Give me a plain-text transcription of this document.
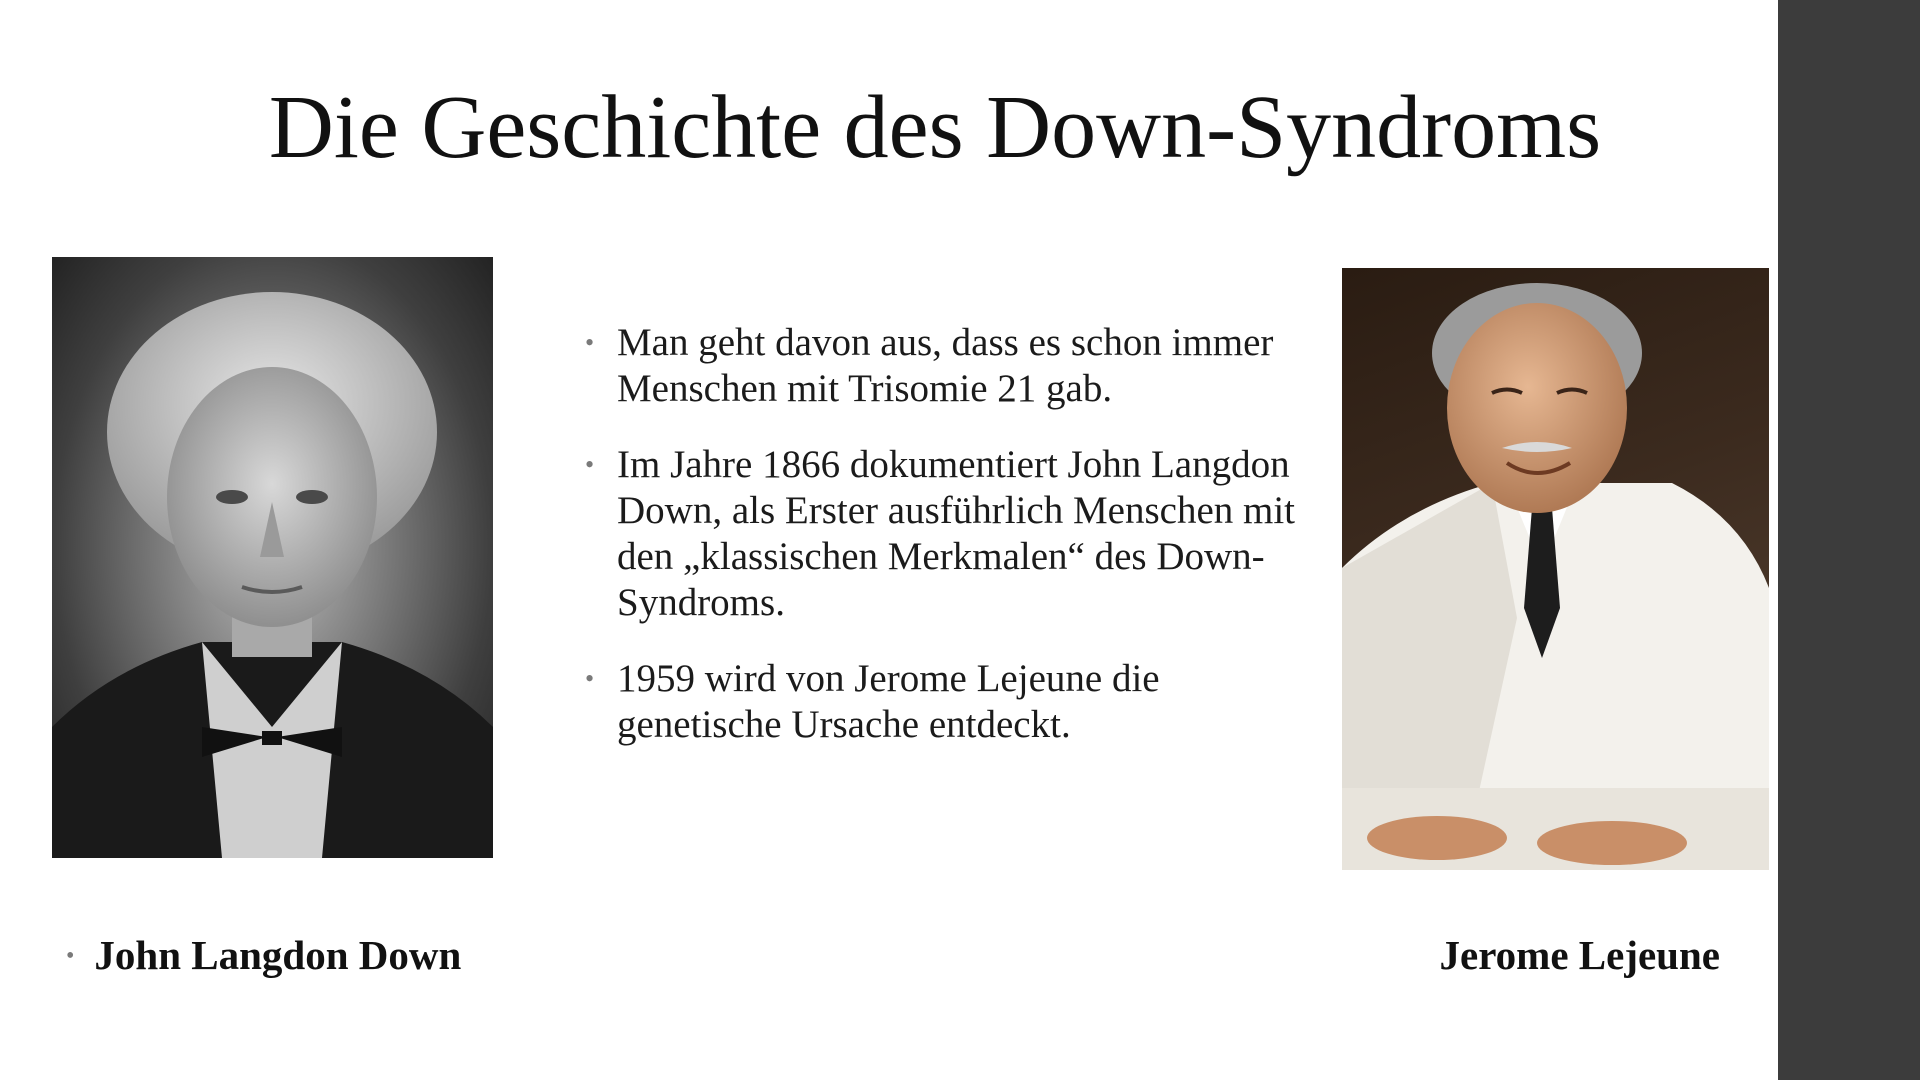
Die Geschichte des Down-Syndroms
• Man geht davon aus, dass es schon immer Menschen mit Trisomie 21 gab.
• Im Jahre 1866 dokumentiert John Langdon Down, als Erster ausführlich Menschen mit den „klassischen Merkmalen“ des Down-Syndroms.
• 1959 wird von Jerome Lejeune die genetische Ursache entdeckt.
• John Langdon Down	Jerome Lejeune
